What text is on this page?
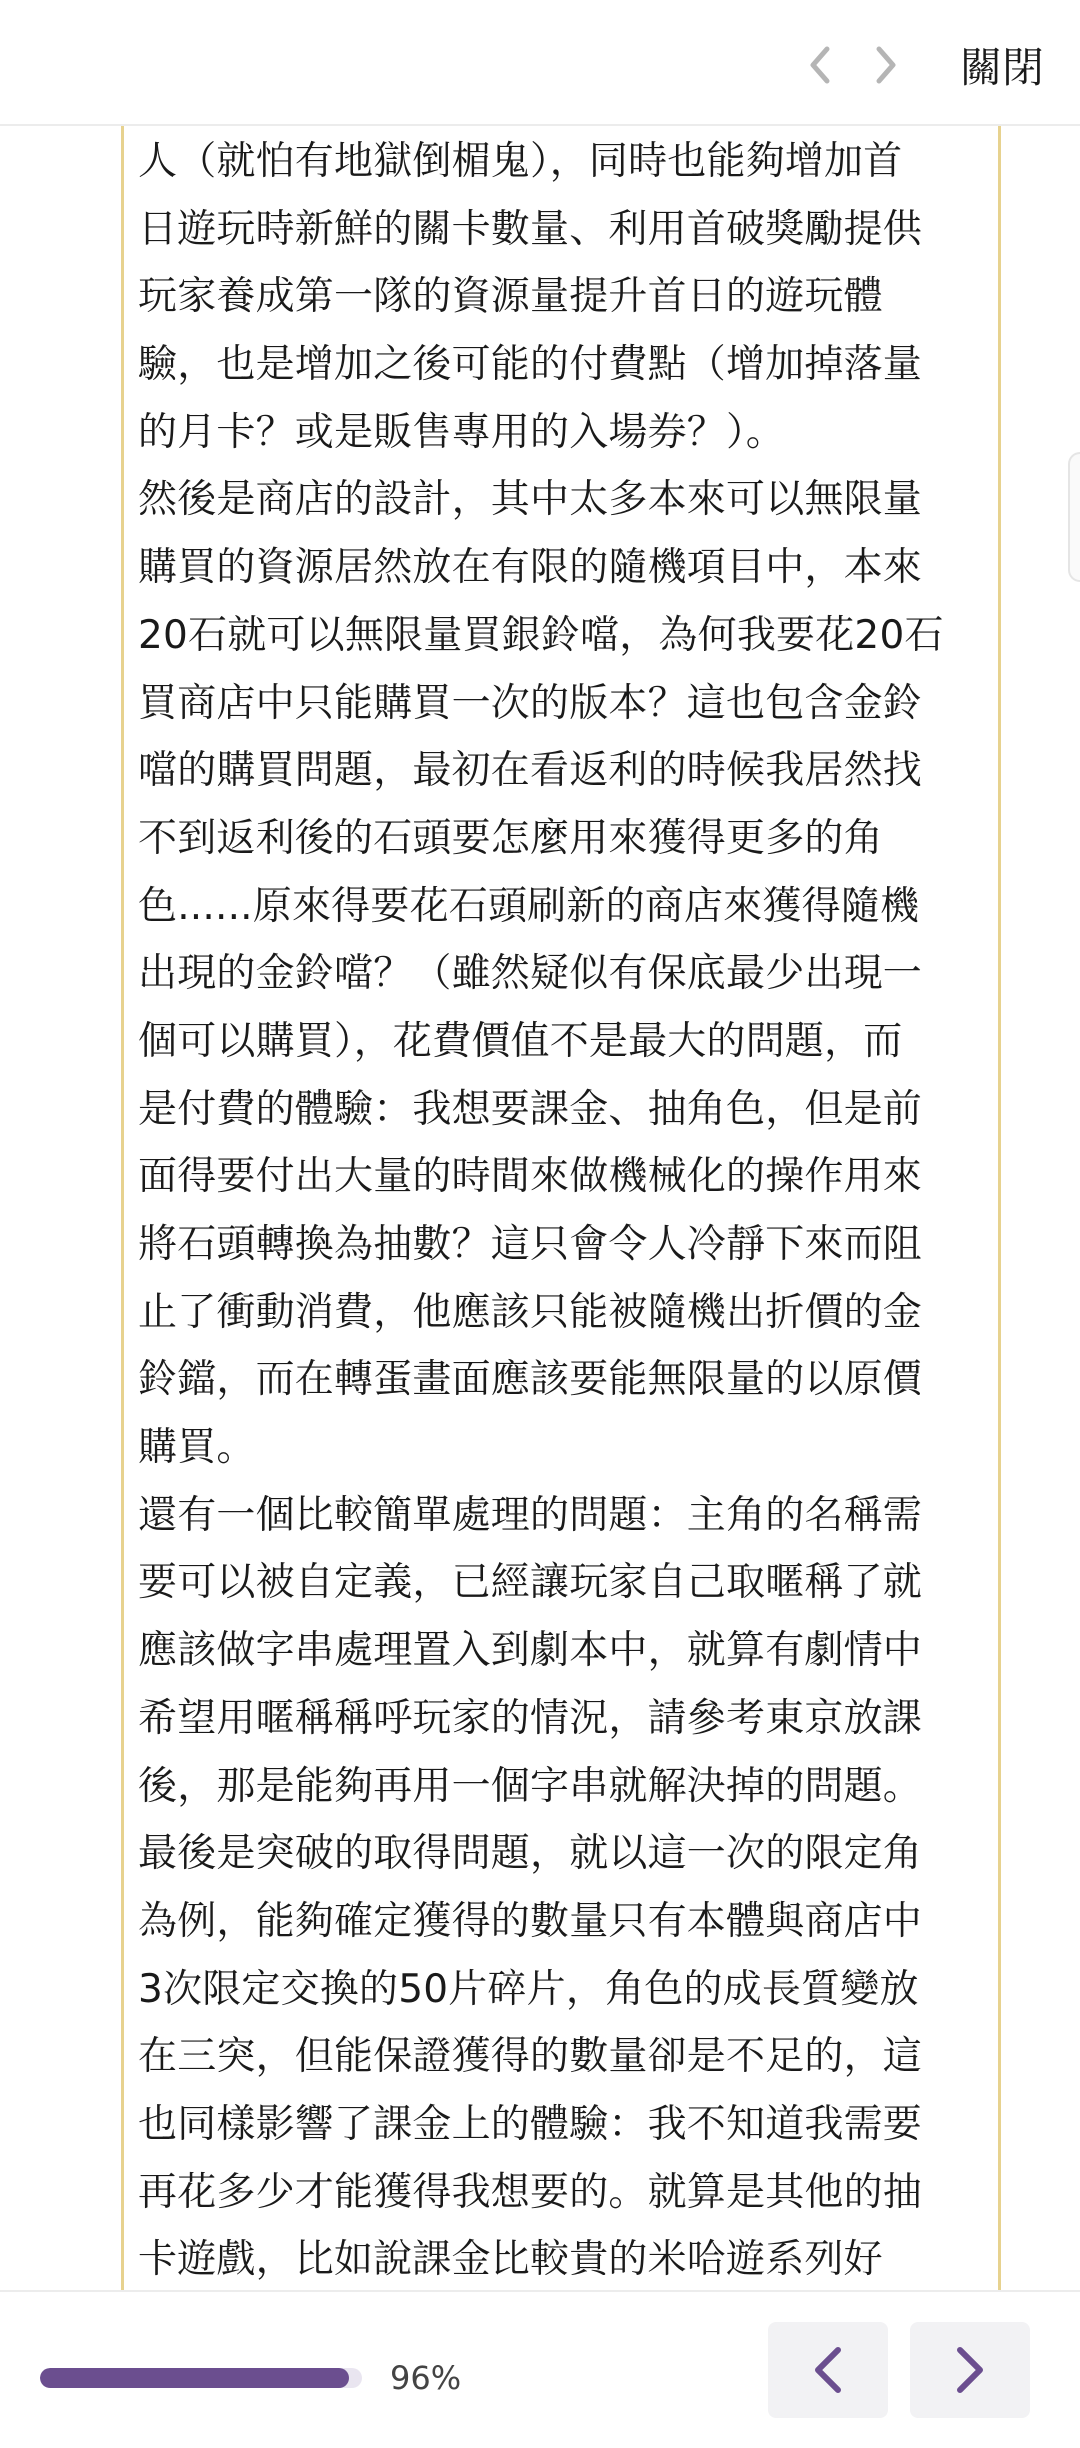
關閉
人（就怕有地獄倒楣鬼），同時也能夠增加首
日遊玩時新鮮的關卡數量、利用首破獎勵提供
玩家養成第一隊的資源量提升首日的遊玩體
驗，也是增加之後可能的付費點（增加掉落量
的月卡？或是販售專用的入場券？）。
然後是商店的設計，其中太多本來可以無限量
購買的資源居然放在有限的隨機項目中，本來
20石就可以無限量買銀鈴噹，為何我要花20石
買商店中只能購買一次的版本？這也包含金鈴
噹的購買問題，最初在看返利的時候我居然找
不到返利後的石頭要怎麼用來獲得更多的角
色......原來得要花石頭刷新的商店來獲得隨機
出現的金鈴噹？（雖然疑似有保底最少出現一
個可以購買），花費價值不是最大的問題，而
是付費的體驗：我想要課金、抽角色，但是前
面得要付出大量的時間來做機械化的操作用來
將石頭轉換為抽數？這只會令人冷靜下來而阻
止了衝動消費，他應該只能被隨機出折價的金
鈴鐺，而在轉蛋畫面應該要能無限量的以原價
購買。
還有一個比較簡單處理的問題：主角的名稱需
要可以被自定義，已經讓玩家自己取暱稱了就
應該做字串處理置入到劇本中，就算有劇情中
希望用暱稱稱呼玩家的情況，請參考東京放課
後，那是能夠再用一個字串就解決掉的問題。
最後是突破的取得問題，就以這一次的限定角
為例，能夠確定獲得的數量只有本體與商店中
3次限定交換的50片碎片，角色的成長質變放
在三突，但能保證獲得的數量卻是不足的，這
也同樣影響了課金上的體驗：我不知道我需要
再花多少才能獲得我想要的。就算是其他的抽
卡遊戲，比如說課金比較貴的米哈遊系列好
96%
